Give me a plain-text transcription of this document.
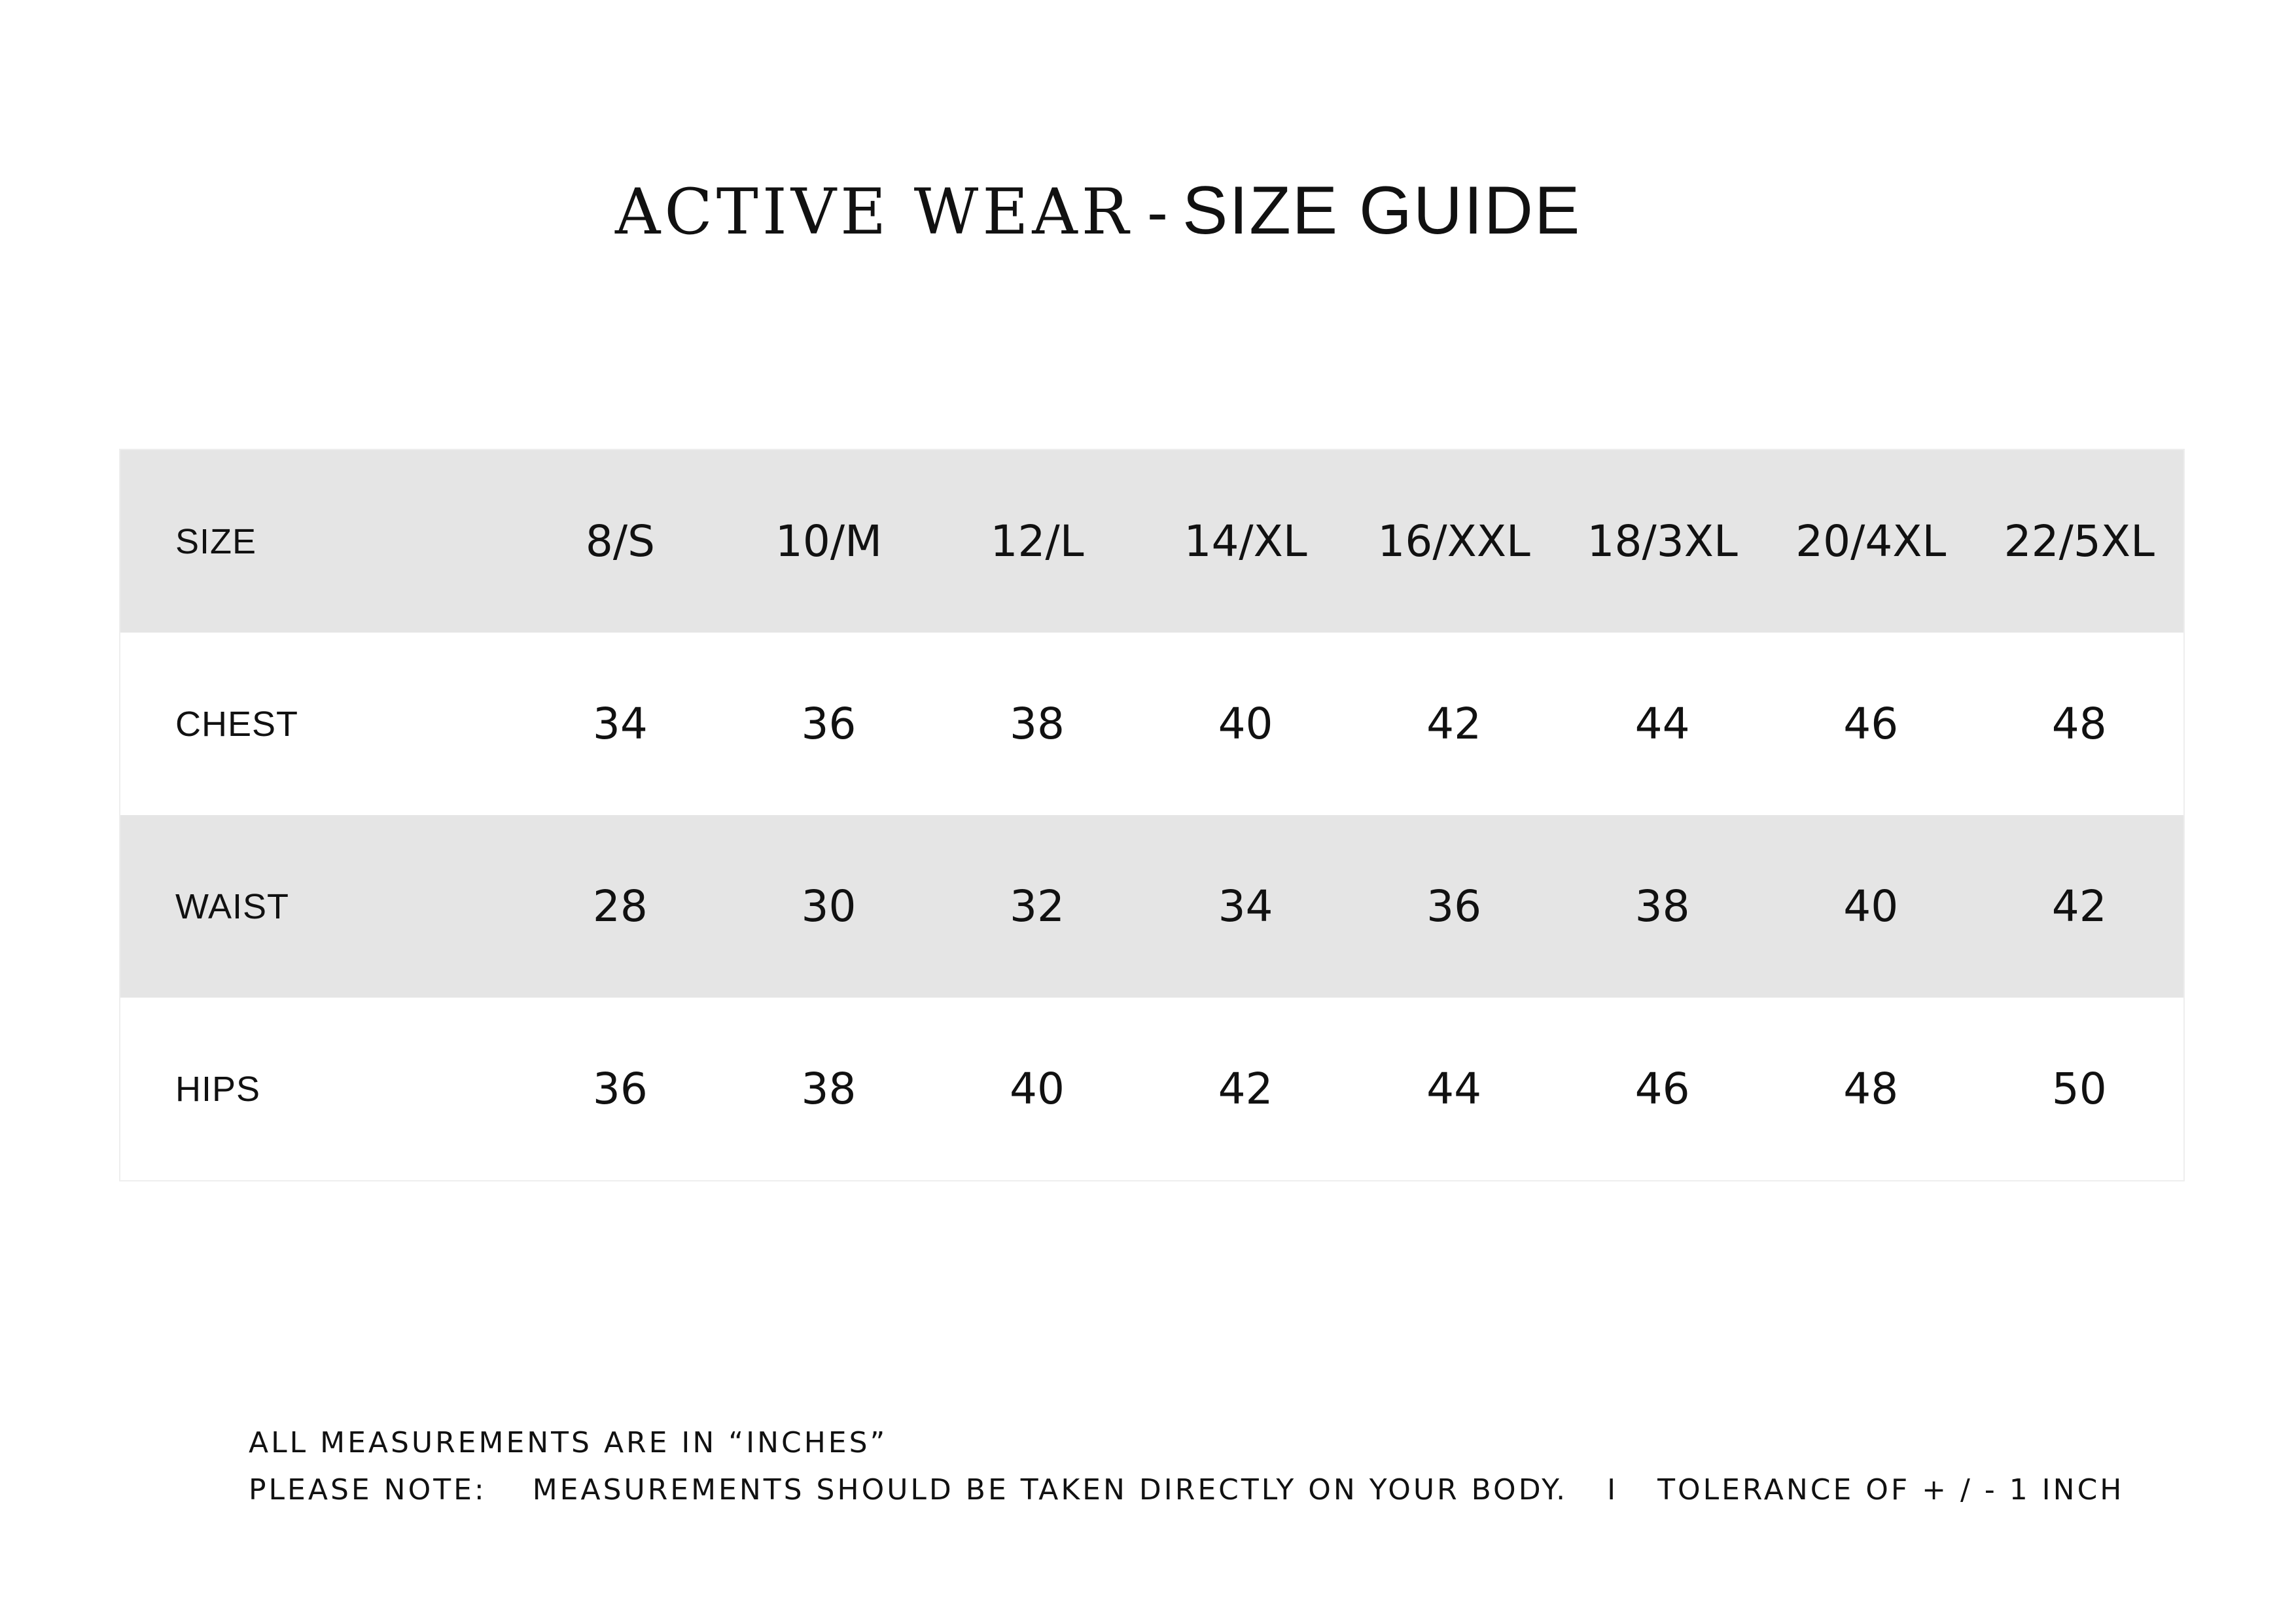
ACTIVE WEAR - SIZE GUIDE
SIZE	8/S	10/M	12/L	14/XL	16/XXL	18/3XL	20/4XL	22/5XL
CHEST	34	36	38	40	42	44	46	48
WAIST	28	30	32	34	36	38	40	42
HIPS	36	38	40	42	44	46	48	50
ALL MEASUREMENTS ARE IN “INCHES”
PLEASE NOTE: MEASUREMENTS SHOULD BE TAKEN DIRECTLY ON YOUR BODY. I TOLERANCE OF + / - 1 INCH
